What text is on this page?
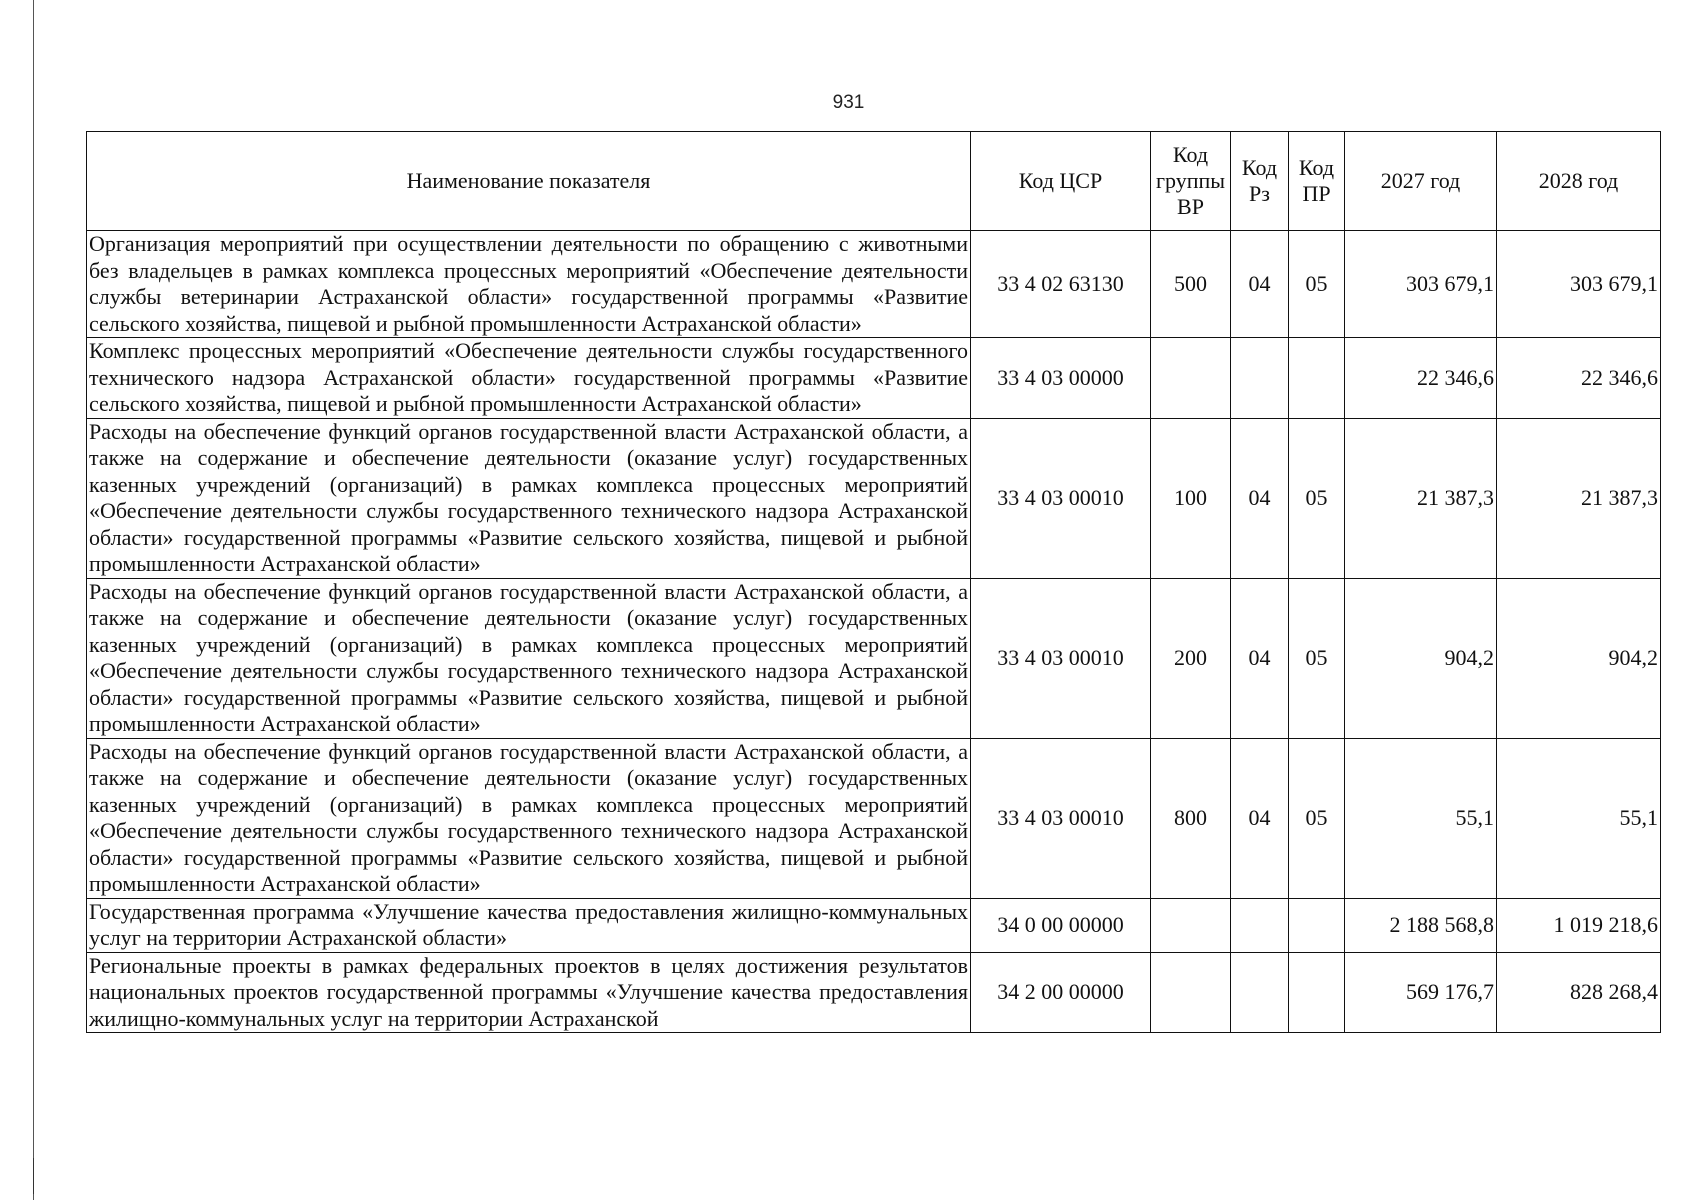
931
Наименование показателя	Код ЦСР	Код группы ВР	Код Рз	Код ПР	2027 год	2028 год
Организация мероприятий при осуществлении деятельности по обращению с животными без владельцев в рамках комплекса процессных мероприятий «Обеспечение деятельности службы ветеринарии Астраханской области» государственной программы «Развитие сельского хозяйства, пищевой и рыбной промышленности Астраханской области»	33 4 02 63130	500	04	05	303 679,1	303 679,1
Комплекс процессных мероприятий «Обеспечение деятельности службы государственного технического надзора Астраханской области» государственной программы «Развитие сельского хозяйства, пищевой и рыбной промышленности Астраханской области»	33 4 03 00000				22 346,6	22 346,6
Расходы на обеспечение функций органов государственной власти Астраханской области, а также на содержание и обеспечение деятельности (оказание услуг) государственных казенных учреждений (организаций) в рамках комплекса процессных мероприятий «Обеспечение деятельности службы государственного технического надзора Астраханской области» государственной программы «Развитие сельского хозяйства, пищевой и рыбной промышленности Астраханской области»	33 4 03 00010	100	04	05	21 387,3	21 387,3
Расходы на обеспечение функций органов государственной власти Астраханской области, а также на содержание и обеспечение деятельности (оказание услуг) государственных казенных учреждений (организаций) в рамках комплекса процессных мероприятий «Обеспечение деятельности службы государственного технического надзора Астраханской области» государственной программы «Развитие сельского хозяйства, пищевой и рыбной промышленности Астраханской области»	33 4 03 00010	200	04	05	904,2	904,2
Расходы на обеспечение функций органов государственной власти Астраханской области, а также на содержание и обеспечение деятельности (оказание услуг) государственных казенных учреждений (организаций) в рамках комплекса процессных мероприятий «Обеспечение деятельности службы государственного технического надзора Астраханской области» государственной программы «Развитие сельского хозяйства, пищевой и рыбной промышленности Астраханской области»	33 4 03 00010	800	04	05	55,1	55,1
Государственная программа «Улучшение качества предоставления жилищно-коммунальных услуг на территории Астраханской области»	34 0 00 00000				2 188 568,8	1 019 218,6
Региональные проекты в рамках федеральных проектов в целях достижения результатов национальных проектов государственной программы «Улучшение качества предоставления жилищно-коммунальных услуг на территории Астраханской	34 2 00 00000				569 176,7	828 268,4
